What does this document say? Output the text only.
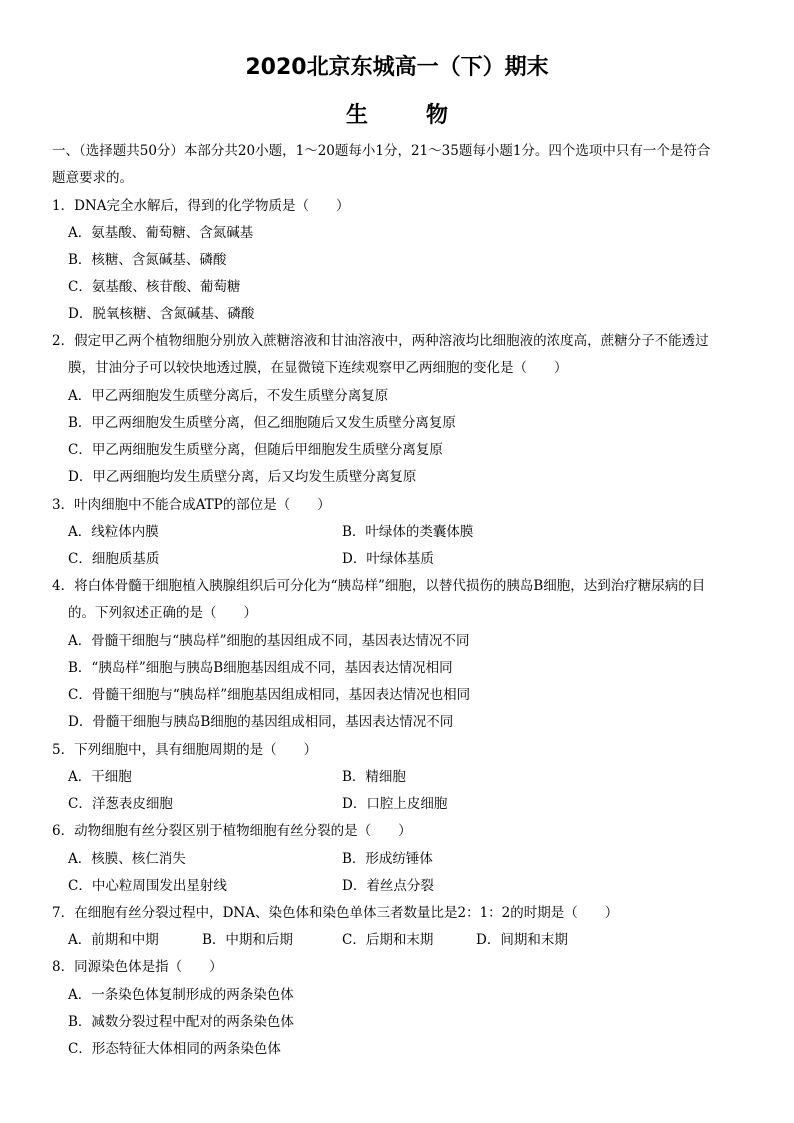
2020北京东城高一（下）期末
生	物
一、（选择题共50分）本部分共20小题，1～20题每小1分，21～35题每小题1分。四个选项中只有一个是符合
题意要求的。
1．DNA完全水解后，得到的化学物质是（　　）
A．氨基酸、葡萄糖、含氮碱基
B．核糖、含氮碱基、磷酸
C．氨基酸、核苷酸、葡萄糖
D．脱氧核糖、含氮碱基、磷酸
2．假定甲乙两个植物细胞分别放入蔗糖溶液和甘油溶液中，两种溶液均比细胞液的浓度高，蔗糖分子不能透过
膜，甘油分子可以较快地透过膜，在显微镜下连续观察甲乙两细胞的变化是（　　）
A．甲乙两细胞发生质壁分离后，不发生质壁分离复原
B．甲乙两细胞发生质壁分离，但乙细胞随后又发生质壁分离复原
C．甲乙两细胞发生质壁分离，但随后甲细胞发生质壁分离复原
D．甲乙两细胞均发生质壁分离，后又均发生质壁分离复原
3．叶肉细胞中不能合成ATP的部位是（　　）
A．线粒体内膜	B．叶绿体的类囊体膜
C．细胞质基质	D．叶绿体基质
4．将白体骨髓干细胞植入胰腺组织后可分化为“胰岛样”细胞，以替代损伤的胰岛B细胞，达到治疗糖尿病的目
的。下列叙述正确的是（　　）
A．骨髓干细胞与“胰岛样”细胞的基因组成不同，基因表达情况不同
B．“胰岛样”细胞与胰岛B细胞基因组成不同，基因表达情况相同
C．骨髓干细胞与“胰岛样”细胞基因组成相同，基因表达情况也相同
D．骨髓干细胞与胰岛B细胞的基因组成相同，基因表达情况不同
5．下列细胞中，具有细胞周期的是（　　）
A．干细胞	B．精细胞
C．洋葱表皮细胞	D．口腔上皮细胞
6．动物细胞有丝分裂区别于植物细胞有丝分裂的是（　　）
A．核膜、核仁消失	B．形成纺锤体
C．中心粒周围发出星射线	D．着丝点分裂
7．在细胞有丝分裂过程中，DNA、染色体和染色单体三者数量比是2：1：2的时期是（　　）
A．前期和中期	B．中期和后期	C．后期和末期	D．间期和末期
8．同源染色体是指（　　）
A．一条染色体复制形成的两条染色体
B．减数分裂过程中配对的两条染色体
C．形态特征大体相同的两条染色体
